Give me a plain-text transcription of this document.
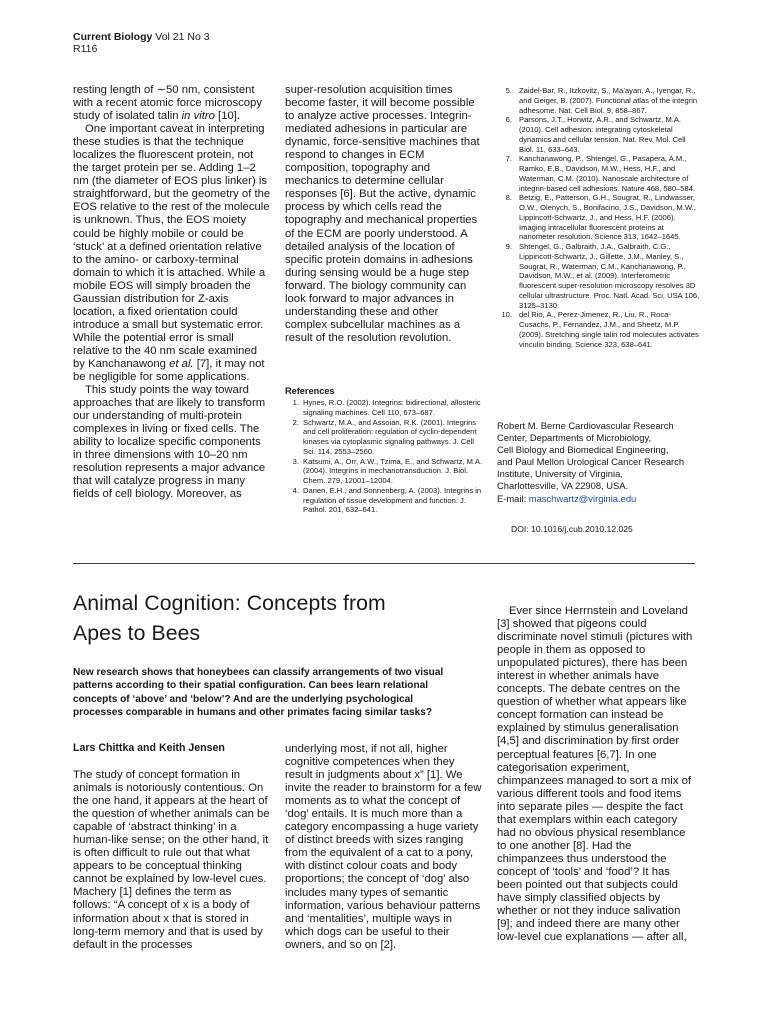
Current Biology Vol 21 No 3
R116

resting length of ∼50 nm, consistent with a recent atomic force microscopy study of isolated talin in vitro [10].

One important caveat in interpreting these studies is that the technique localizes the fluorescent protein, not the target protein per se. Adding 1–2 nm (the diameter of EOS plus linker) is straightforward, but the geometry of the EOS relative to the rest of the molecule is unknown. Thus, the EOS moiety could be highly mobile or could be ‘stuck’ at a defined orientation relative to the amino- or carboxy-terminal domain to which it is attached. While a mobile EOS will simply broaden the Gaussian distribution for Z-axis location, a fixed orientation could introduce a small but systematic error. While the potential error is small relative to the 40 nm scale examined by Kanchanawong et al. [7], it may not be negligible for some applications.

This study points the way toward approaches that are likely to transform our understanding of multi-protein complexes in living or fixed cells. The ability to localize specific components in three dimensions with 10–20 nm resolution represents a major advance that will catalyze progress in many fields of cell biology. Moreover, as

super-resolution acquisition times become faster, it will become possible to analyze active processes. Integrin-mediated adhesions in particular are dynamic, force-sensitive machines that respond to changes in ECM composition, topography and mechanics to determine cellular responses [6]. But the active, dynamic process by which cells read the topography and mechanical properties of the ECM are poorly understood. A detailed analysis of the location of specific protein domains in adhesions during sensing would be a huge step forward. The biology community can look forward to major advances in understanding these and other complex subcellular machines as a result of the resolution revolution.

References
1. Hynes, R.O. (2002). Integrins: bidirectional, allosteric signaling machines. Cell 110, 673–687.
2. Schwartz, M.A., and Assoian, R.K. (2001). Integrins and cell proliferation: regulation of cyclin-dependent kinases via cytoplasmic signaling pathways. J. Cell Sci. 114, 2553–2560.
3. Katsumi, A., Orr, A.W., Tzima, E., and Schwartz, M.A. (2004). Integrins in mechanotransduction. J. Biol. Chem. 279, 12001–12004.
4. Danen, E.H., and Sonnenberg, A. (2003). Integrins in regulation of tissue development and function. J. Pathol. 201, 632–641.
5. Zaidel-Bar, R., Itzkovitz, S., Ma’ayan, A., Iyengar, R., and Geiger, B. (2007). Functional atlas of the integrin adhesome. Nat. Cell Biol. 9, 858–867.
6. Parsons, J.T., Horwitz, A.R., and Schwartz, M.A. (2010). Cell adhesion: integrating cytoskeletal dynamics and cellular tension. Nat. Rev. Mol. Cell Biol. 11, 633–643.
7. Kanchanawong, P., Shtengel, G., Pasapera, A.M., Ramko, E.B., Davidson, M.W., Hess, H.F., and Waterman, C.M. (2010). Nanoscale architecture of integrin-based cell adhesions. Nature 468, 580–584.
8. Betzig, E., Patterson, G.H., Sougrat, R., Lindwasser, O.W., Olenych, S., Bonifacino, J.S., Davidson, M.W., Lippincott-Schwartz, J., and Hess, H.F. (2006). Imaging intracellular fluorescent proteins at nanometer resolution. Science 313, 1642–1645.
9. Shtengel, G., Galbraith, J.A., Galbraith, C.G., Lippincott-Schwartz, J., Gillette, J.M., Manley, S., Sougrat, R., Waterman, C.M., Kanchanawong, P., Davidson, M.W., et al. (2009). Interferometric fluorescent super-resolution microscopy resolves 3D cellular ultrastructure. Proc. Natl. Acad. Sci. USA 106, 3125–3130.
10. del Rio, A., Perez-Jimenez, R., Liu, R., Roca-Cusachs, P., Fernandez, J.M., and Sheetz, M.P. (2009). Stretching single talin rod molecules activates vinculin binding. Science 323, 638–641.
Robert M. Berne Cardiovascular Research
Center, Departments of Microbiology,
Cell Biology and Biomedical Engineering,
and Paul Mellon Urological Cancer Research
Institute, University of Virginia,
Charlottesville, VA 22908, USA.
E-mail: maschwartz@virginia.edu
DOI: 10.1016/j.cub.2010.12.025
Animal Cognition: Concepts from
Apes to Bees
New research shows that honeybees can classify arrangements of two visual patterns according to their spatial configuration. Can bees learn relational concepts of ‘above’ and ‘below’? And are the underlying psychological processes comparable in humans and other primates facing similar tasks?
Lars Chittka and Keith Jensen

The study of concept formation in animals is notoriously contentious. On the one hand, it appears at the heart of the question of whether animals can be capable of ‘abstract thinking’ in a human-like sense; on the other hand, it is often difficult to rule out that what appears to be conceptual thinking cannot be explained by low-level cues. Machery [1] defines the term as follows: “A concept of x is a body of information about x that is stored in long-term memory and that is used by default in the processes

underlying most, if not all, higher cognitive competences when they result in judgments about x” [1]. We invite the reader to brainstorm for a few moments as to what the concept of ‘dog’ entails. It is much more than a category encompassing a huge variety of distinct breeds with sizes ranging from the equivalent of a cat to a pony, with distinct colour coats and body proportions; the concept of ‘dog’ also includes many types of semantic information, various behaviour patterns and ‘mentalities’, multiple ways in which dogs can be useful to their owners, and so on [2].

Ever since Herrnstein and Loveland [3] showed that pigeons could discriminate novel stimuli (pictures with people in them as opposed to unpopulated pictures), there has been interest in whether animals have concepts. The debate centres on the question of whether what appears like concept formation can instead be explained by stimulus generalisation [4,5] and discrimination by first order perceptual features [6,7]. In one categorisation experiment, chimpanzees managed to sort a mix of various different tools and food items into separate piles — despite the fact that exemplars within each category had no obvious physical resemblance to one another [8]. Had the chimpanzees thus understood the concept of ‘tools’ and ‘food’? It has been pointed out that subjects could have simply classified objects by whether or not they induce salivation [9]; and indeed there are many other low-level cue explanations — after all,
